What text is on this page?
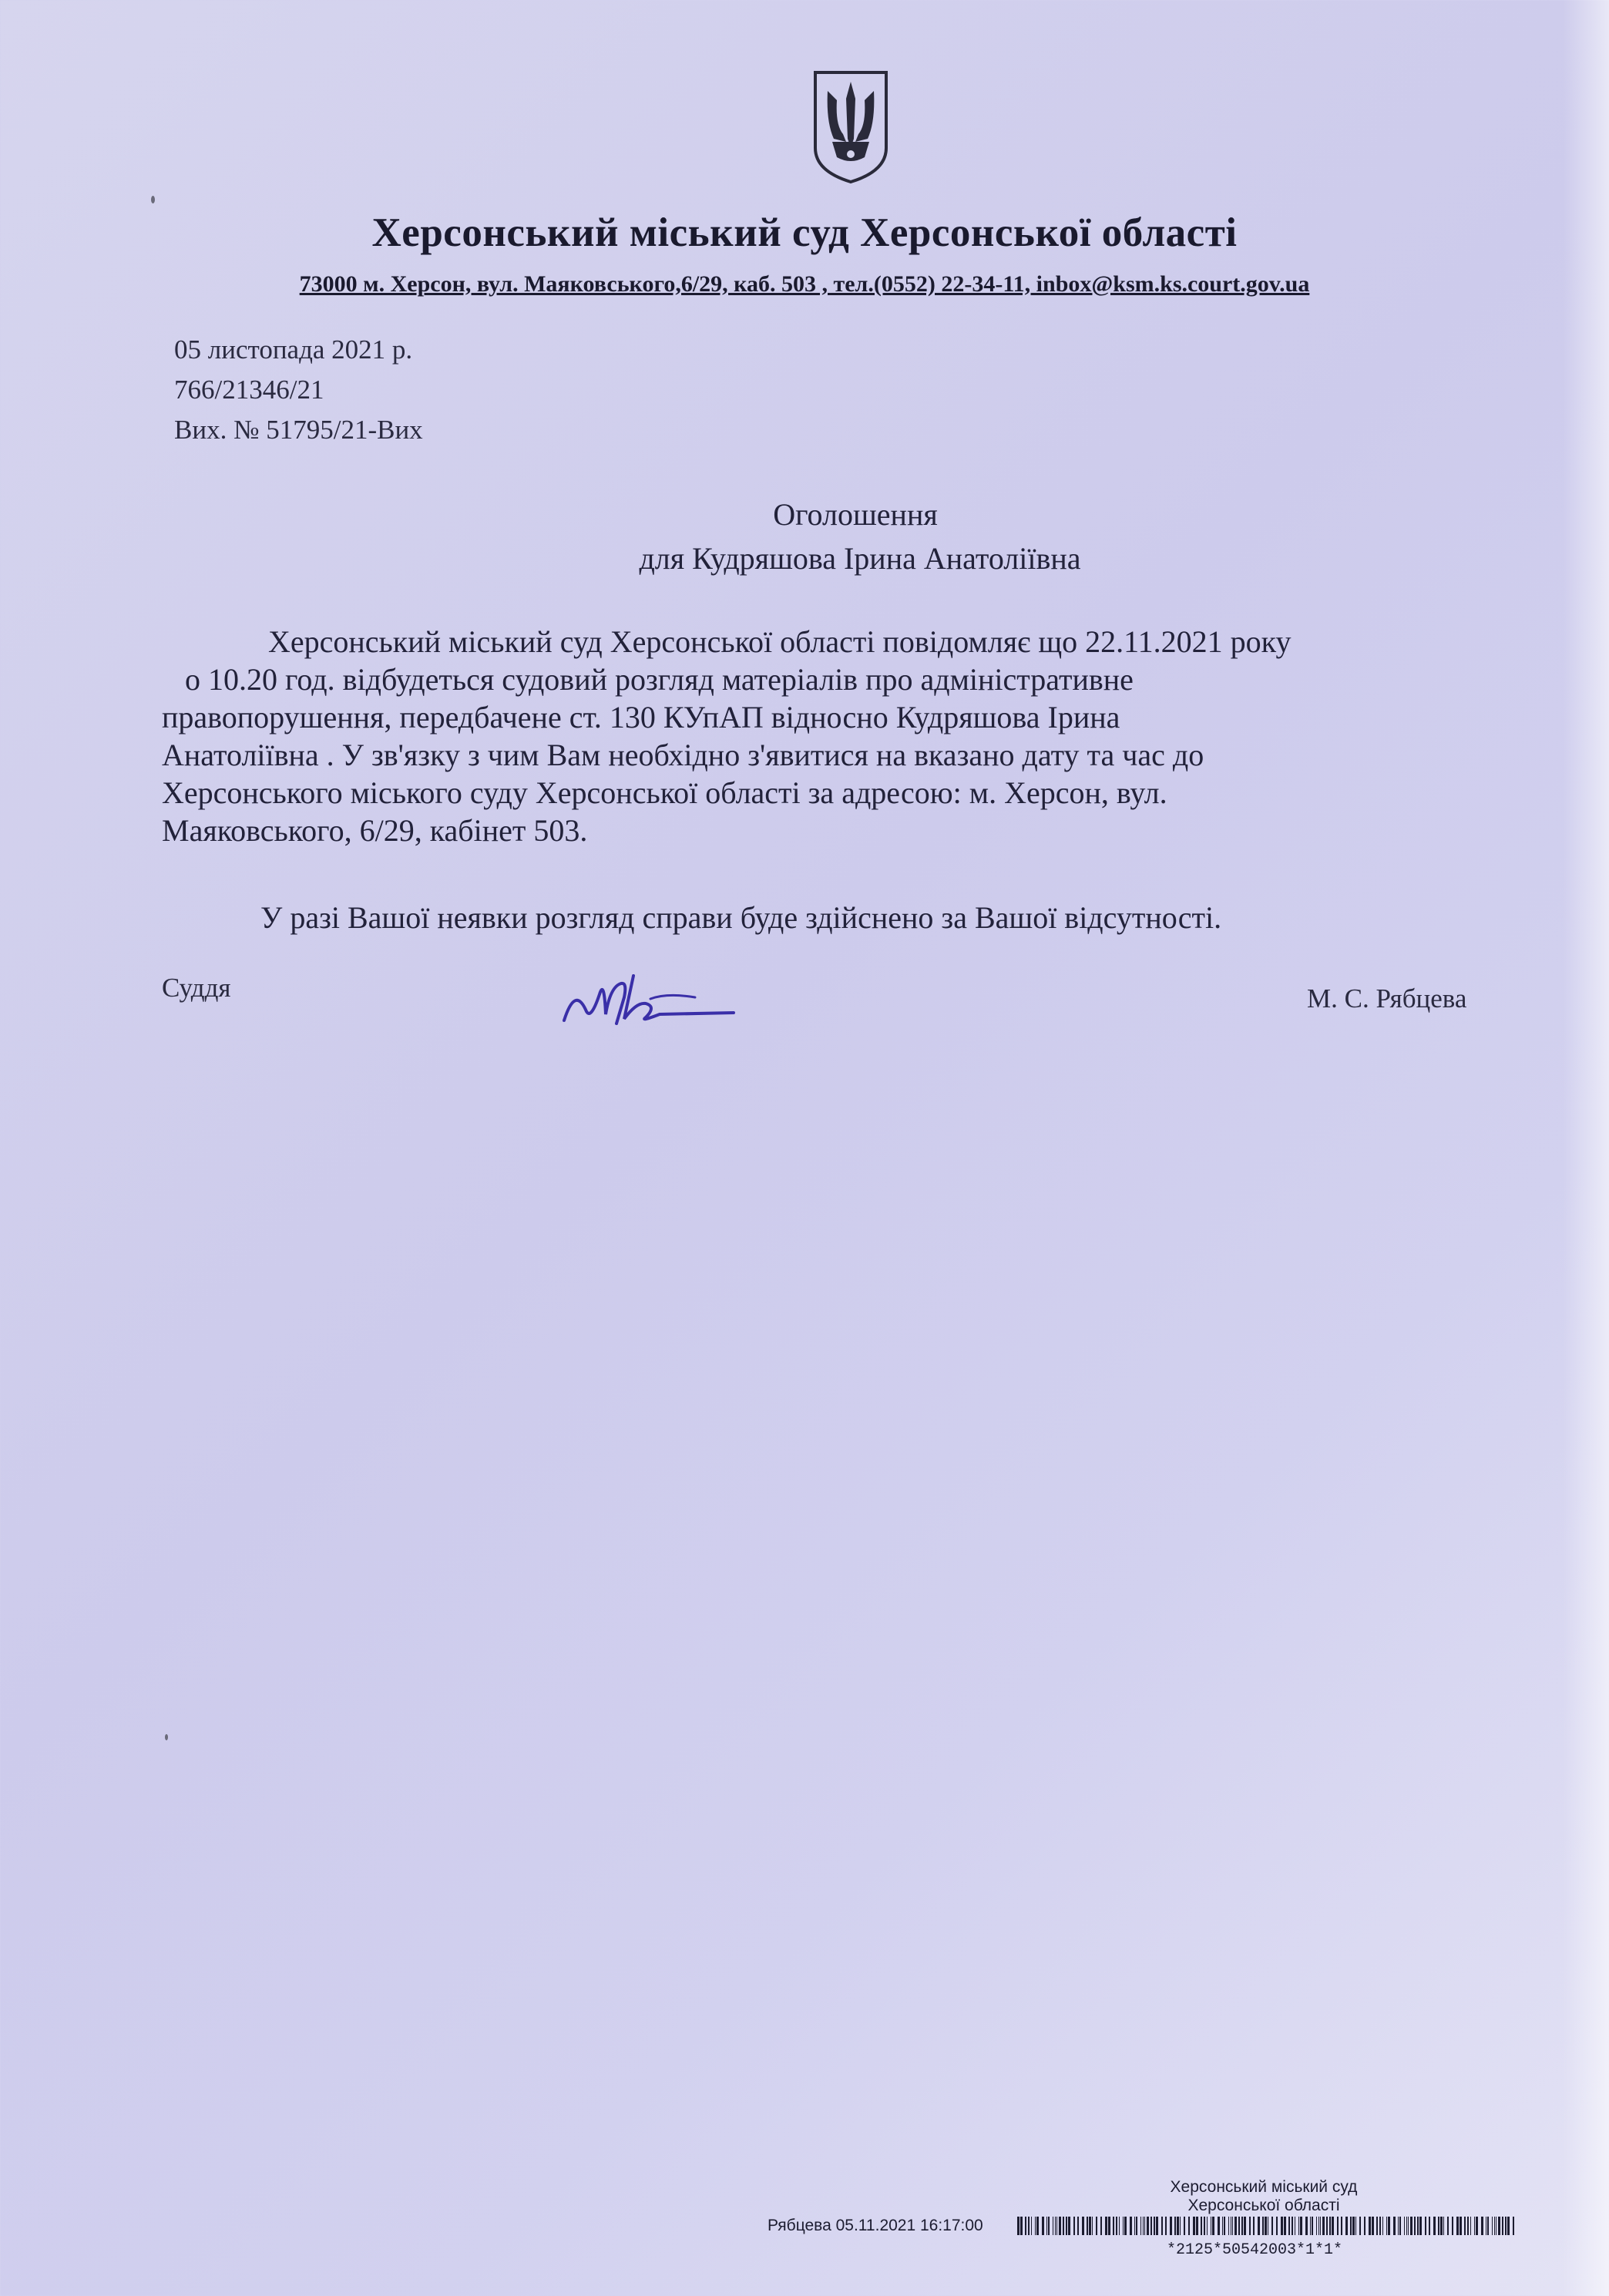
Херсонський міський суд Херсонської області
73000 м. Херсон, вул. Маяковського,6/29, каб. 503 , тел.(0552) 22-34-11, inbox@ksm.ks.court.gov.ua
05 листопада 2021 р.
766/21346/21
Вих. № 51795/21-Вих
Оголошення
для Кудряшова Ірина Анатоліївна
Херсонський міський суд Херсонської області повідомляє що 22.11.2021 року
о 10.20 год. відбудеться судовий розгляд матеріалів про адміністративне
правопорушення, передбачене ст. 130 КУпАП відносно Кудряшова Ірина
Анатоліївна . У зв'язку з чим Вам необхідно з'явитися на вказано дату та час до
Херсонського міського суду Херсонської області за адресою: м. Херсон, вул.
Маяковського, 6/29, кабінет 503.
У разі Вашої неявки розгляд справи буде здійснено за Вашої відсутності.
Суддя	М. С. Рябцева
Херсонський міський суд
Херсонської області
Рябцева 05.11.2021 16:17:00
*2125*50542003*1*1*
